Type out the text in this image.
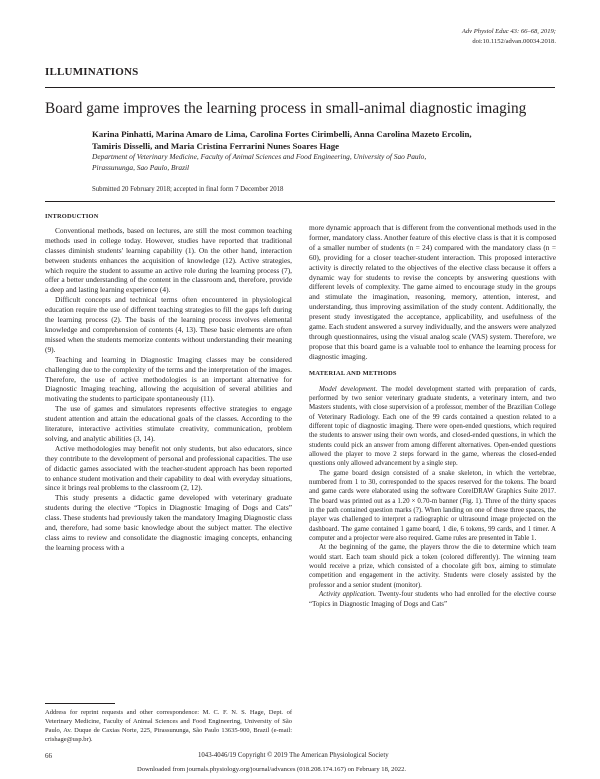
Adv Physiol Educ 43: 66–68, 2019;
doi:10.1152/advan.00034.2018.
ILLUMINATIONS
Board game improves the learning process in small-animal diagnostic imaging
Karina Pinhatti, Marina Amaro de Lima, Carolina Fortes Cirimbelli, Anna Carolina Mazeto Ercolin,
Tamiris Disselli, and Maria Cristina Ferrarini Nunes Soares Hage
Department of Veterinary Medicine, Faculty of Animal Sciences and Food Engineering, University of Sao Paulo,
Pirassununga, Sao Paulo, Brazil
Submitted 20 February 2018; accepted in final form 7 December 2018
INTRODUCTION

Conventional methods, based on lectures, are still the most common teaching methods used in college today. However, studies have reported that traditional classes diminish students' learning capability (1). On the other hand, interaction between students enhances the acquisition of knowledge (12). Active strategies, which require the student to assume an active role during the learning process (7), offer a better understanding of the content in the classroom and, therefore, provide a deep and lasting learning experience (4).

Difficult concepts and technical terms often encountered in physiological education require the use of different teaching strategies to fill the gaps left during the learning process (2). The basis of the learning process involves elemental knowledge and comprehension of contents (4, 13). These basic elements are often missed when the students memorize contents without understanding their meaning (9).

Teaching and learning in Diagnostic Imaging classes may be considered challenging due to the complexity of the terms and the interpretation of the images. Therefore, the use of active methodologies is an important alternative for Diagnostic Imaging teaching, allowing the acquisition of several abilities and motivating the students to participate spontaneously (11).

The use of games and simulators represents effective strategies to engage student attention and attain the educational goals of the classes. According to the literature, interactive activities stimulate creativity, communication, problem solving, and analytic abilities (3, 14).

Active methodologies may benefit not only students, but also educators, since they contribute to the development of personal and professional capacities. The use of didactic games associated with the teacher-student approach has been reported to enhance student motivation and their capability to deal with everyday situations, since it brings real problems to the classroom (2, 12).

This study presents a didactic game developed with veterinary graduate students during the elective “Topics in Diagnostic Imaging of Dogs and Cats” class. These students had previously taken the mandatory Imaging Diagnostic class and, therefore, had some basic knowledge about the subject matter. The elective class aims to review and consolidate the diagnostic imaging concepts, enhancing the learning process with a

more dynamic approach that is different from the conventional methods used in the former, mandatory class. Another feature of this elective class is that it is composed of a smaller number of students (n = 24) compared with the mandatory class (n = 60), providing for a closer teacher-student interaction. This proposed interactive activity is directly related to the objectives of the elective class because it offers a dynamic way for students to revise the concepts by answering questions with different levels of complexity. The game aimed to encourage study in the groups and stimulate the imagination, reasoning, memory, attention, interest, and understanding, thus improving assimilation of the study content. Additionally, the present study investigated the acceptance, applicability, and usefulness of the game. Each student answered a survey individually, and the answers were analyzed through questionnaires, using the visual analog scale (VAS) system. Therefore, we propose that this board game is a valuable tool to enhance the learning process for diagnostic imaging.

MATERIAL AND METHODS

Model development. The model development started with preparation of cards, performed by two senior veterinary graduate students, a veterinary intern, and two Masters students, with close supervision of a professor, member of the Brazilian College of Veterinary Radiology. Each one of the 99 cards contained a question related to a different topic of diagnostic imaging. There were open-ended questions, which required the students to answer using their own words, and closed-ended questions, in which the students could pick an answer from among different alternatives. Open-ended questions allowed the player to move 2 steps forward in the game, whereas the closed-ended questions only allowed advancement by a single step.

The game board design consisted of a snake skeleton, in which the vertebrae, numbered from 1 to 30, corresponded to the spaces reserved for the tokens. The board and game cards were elaborated using the software CorelDRAW Graphics Suite 2017. The board was printed out as a 1.20 × 0.70-m banner (Fig. 1). Three of the thirty spaces in the path contained question marks (?). When landing on one of these three spaces, the player was challenged to interpret a radiographic or ultrasound image projected on the dashboard. The game contained 1 game board, 1 die, 6 tokens, 99 cards, and 1 timer. A computer and a projector were also required. Game rules are presented in Table 1.

At the beginning of the game, the players throw the die to determine which team would start. Each team should pick a token (colored differently). The winning team would receive a prize, which consisted of a chocolate gift box, aiming to stimulate competition and engagement in the activity. Students were closely assisted by the professor and a senior student (monitor).

Activity application. Twenty-four students who had enrolled for the elective course “Topics in Diagnostic Imaging of Dogs and Cats”

Address for reprint requests and other correspondence: M. C. F. N. S. Hage, Dept. of Veterinary Medicine, Faculty of Animal Sciences and Food Engineering, University of São Paulo, Av. Duque de Caxias Norte, 225, Pirassununga, São Paulo 13635-900, Brazil (e-mail: crishage@usp.br).
66	1043-4046/19 Copyright © 2019 The American Physiological Society
Downloaded from journals.physiology.org/journal/advances (018.208.174.167) on February 18, 2022.
